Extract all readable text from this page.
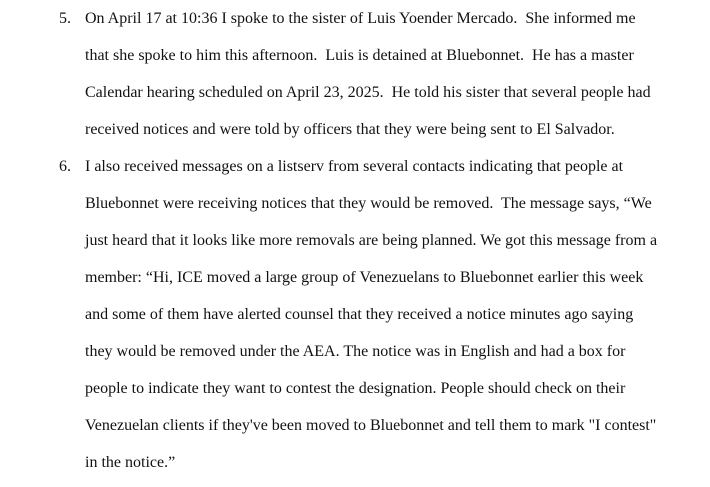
5. On April 17 at 10:36 I spoke to the sister of Luis Yoender Mercado.  She informed me
that she spoke to him this afternoon.  Luis is detained at Bluebonnet.  He has a master
Calendar hearing scheduled on April 23, 2025.  He told his sister that several people had
received notices and were told by officers that they were being sent to El Salvador.
6. I also received messages on a listserv from several contacts indicating that people at
Bluebonnet were receiving notices that they would be removed.  The message says, “We
just heard that it looks like more removals are being planned. We got this message from a
member: “Hi, ICE moved a large group of Venezuelans to Bluebonnet earlier this week
and some of them have alerted counsel that they received a notice minutes ago saying
they would be removed under the AEA. The notice was in English and had a box for
people to indicate they want to contest the designation. People should check on their
Venezuelan clients if they've been moved to Bluebonnet and tell them to mark "I contest"
in the notice.”
